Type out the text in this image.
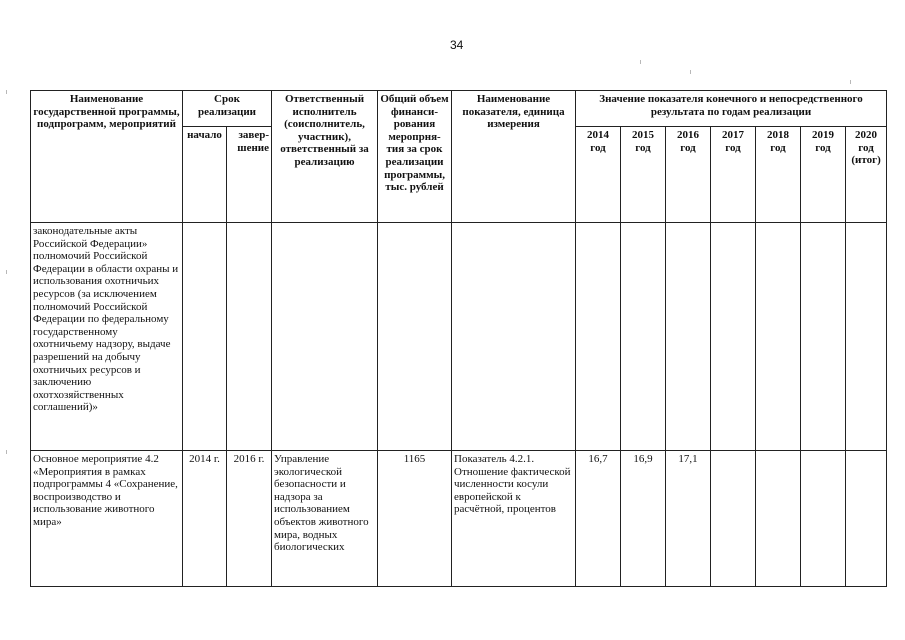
34
Наименование государственной программы, подпрограмм, мероприятий	Срок реализации		Ответственный исполнитель (соисполнитель, участник), ответственный за реализацию	Общий объем финанси-рования меропрня-тия за срок реализации программы, тыс. рублей	Наименование показателя, единица измерения	Значение показателя конечного и непосредственного результата по годам реализации						
	начало	завер-шение				2014 год	2015 год	2016 год	2017 год	2018 год	2019 год	2020 год (итог)
законодательные акты Российской Федерации» полномочий Российской Федерации в области охраны и использования охотничьих ресурсов (за исключением полномочий Российской Федерации по федеральному государственному охотничьему надзору, выдаче разрешений на добычу охотничьих ресурсов и заключению охотхозяйственных соглашений)»												
Основное мероприятие 4.2 «Мероприятия в рамках подпрограммы 4 «Сохранение, воспроизводство и использование животного мира»	2014 г.	2016 г.	Управление экологической безопасности и надзора за использованием объектов животного мира, водных биологических	1165	Показатель 4.2.1. Отношение фактической численности косули европейской к расчётной, процентов	16,7	16,9	17,1				
